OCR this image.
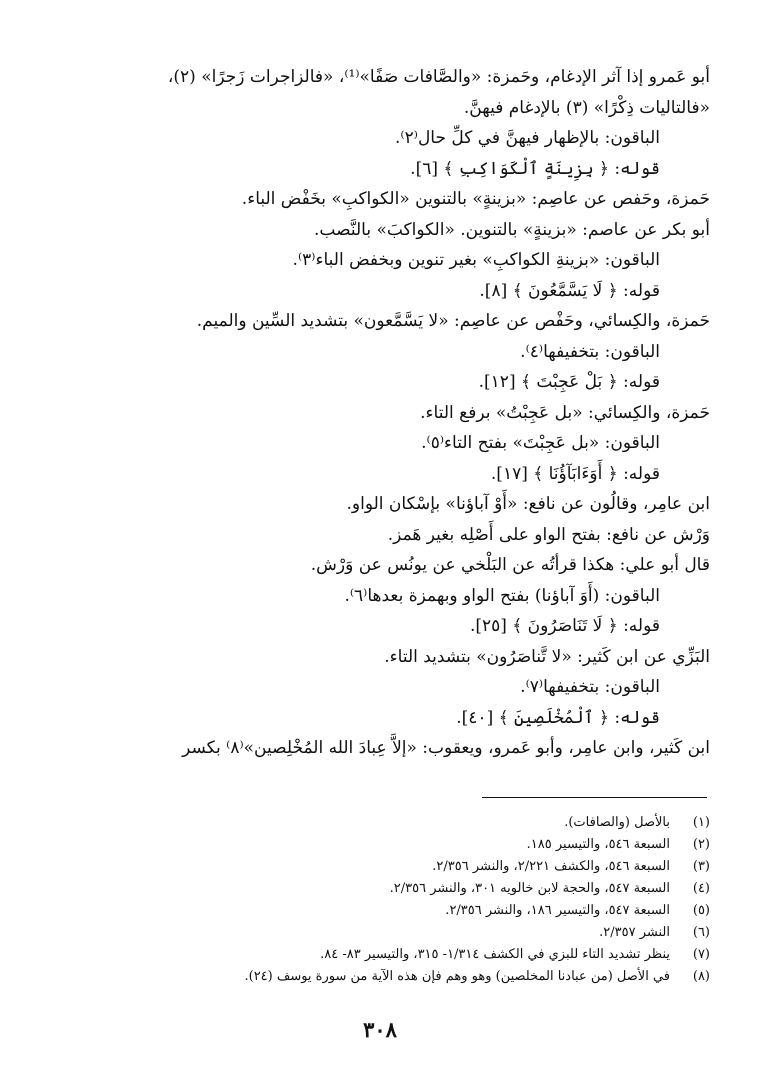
أبو عَمرو إذا آثر الإدغام، وحَمزة: «والصَّافات صَفًا»⁽¹⁾، «فالزاجرات زَجرًا» (٢)،
«فالتاليات ذِكْرًا» (٣) بالإدغام فيهنَّ.
الباقون: بالإظهار فيهنَّ في كلِّ حال⁽٢⁾.
قوله: ﴿ بِزِينَةٍ ٱلْكَوَاكِبِ ﴾ [٦].
حَمزة، وحَفص عن عاصِم: «بزينةٍ» بالتنوين «الكواكبِ» بخَفْض الباء.
أبو بكر عن عاصم: «بزينةٍ» بالتنوين. «الكواكبَ» بالنَّصب.
الباقون: «بزينةِ الكواكبِ» بغير تنوين وبخفض الباء⁽٣⁾.
قوله: ﴿ لَا يَسَّمَّعُونَ ﴾ [٨].
حَمزة، والكِسائي، وحَفْص عن عاصِم: «لا يَسَّمَّعون» بتشديد السِّين والميم.
الباقون: بتخفيفها⁽٤⁾.
قوله: ﴿ بَلْ عَجِبْتَ ﴾ [١٢].
حَمزة، والكِسائي: «بل عَجِبْتُ» برفع التاء.
الباقون: «بل عَجِبْتَ» بفتح التاء⁽٥⁾.
قوله: ﴿ أَوَءَابَآؤُنَا ﴾ [١٧].
ابن عامِر، وقالُون عن نافع: «أَوْ آباؤنا» بإسْكان الواو.
وَرْش عن نافع: بفتح الواو على أَصْلِه بغير هَمز.
قال أبو علي: هكذا قرأتُه عن البَلْخي عن يونُس عن وَرْش.
الباقون: (أَوَ آباؤنا) بفتح الواو وبهمزة بعدها⁽٦⁾.
قوله: ﴿ لَا تَنَاصَرُونَ ﴾ [٢٥].
البَزِّي عن ابن كَثير: «لا تَّناصَرُون» بتشديد التاء.
الباقون: بتخفيفها⁽٧⁾.
قوله: ﴿ ٱلْمُخْلَصِينَ ﴾ [٤٠].
ابن كَثير، وابن عامِر، وأبو عَمرو، ويعقوب: «إلاَّ عِبادَ الله المُخْلِصين»⁽٨⁾ بكسر
(١)بالأصل (والصافات).
(٢)السبعة ٥٤٦، والتيسير ١٨٥.
(٣)السبعة ٥٤٦، والكشف ٢/٢٢١، والنشر ٢/٣٥٦.
(٤)السبعة ٥٤٧، والحجة لابن خالويه ٣٠١، والنشر ٢/٣٥٦.
(٥)السبعة ٥٤٧، والتيسير ١٨٦، والنشر ٢/٣٥٦.
(٦)النشر ٢/٣٥٧.
(٧)ينظر تشديد التاء للبزي في الكشف ١/٣١٤- ٣١٥، والتيسير ٨٣- ٨٤.
(٨)في الأصل (من عبادنا المخلصين) وهو وهم فإن هذه الآية من سورة يوسف (٢٤).
٣٠٨
